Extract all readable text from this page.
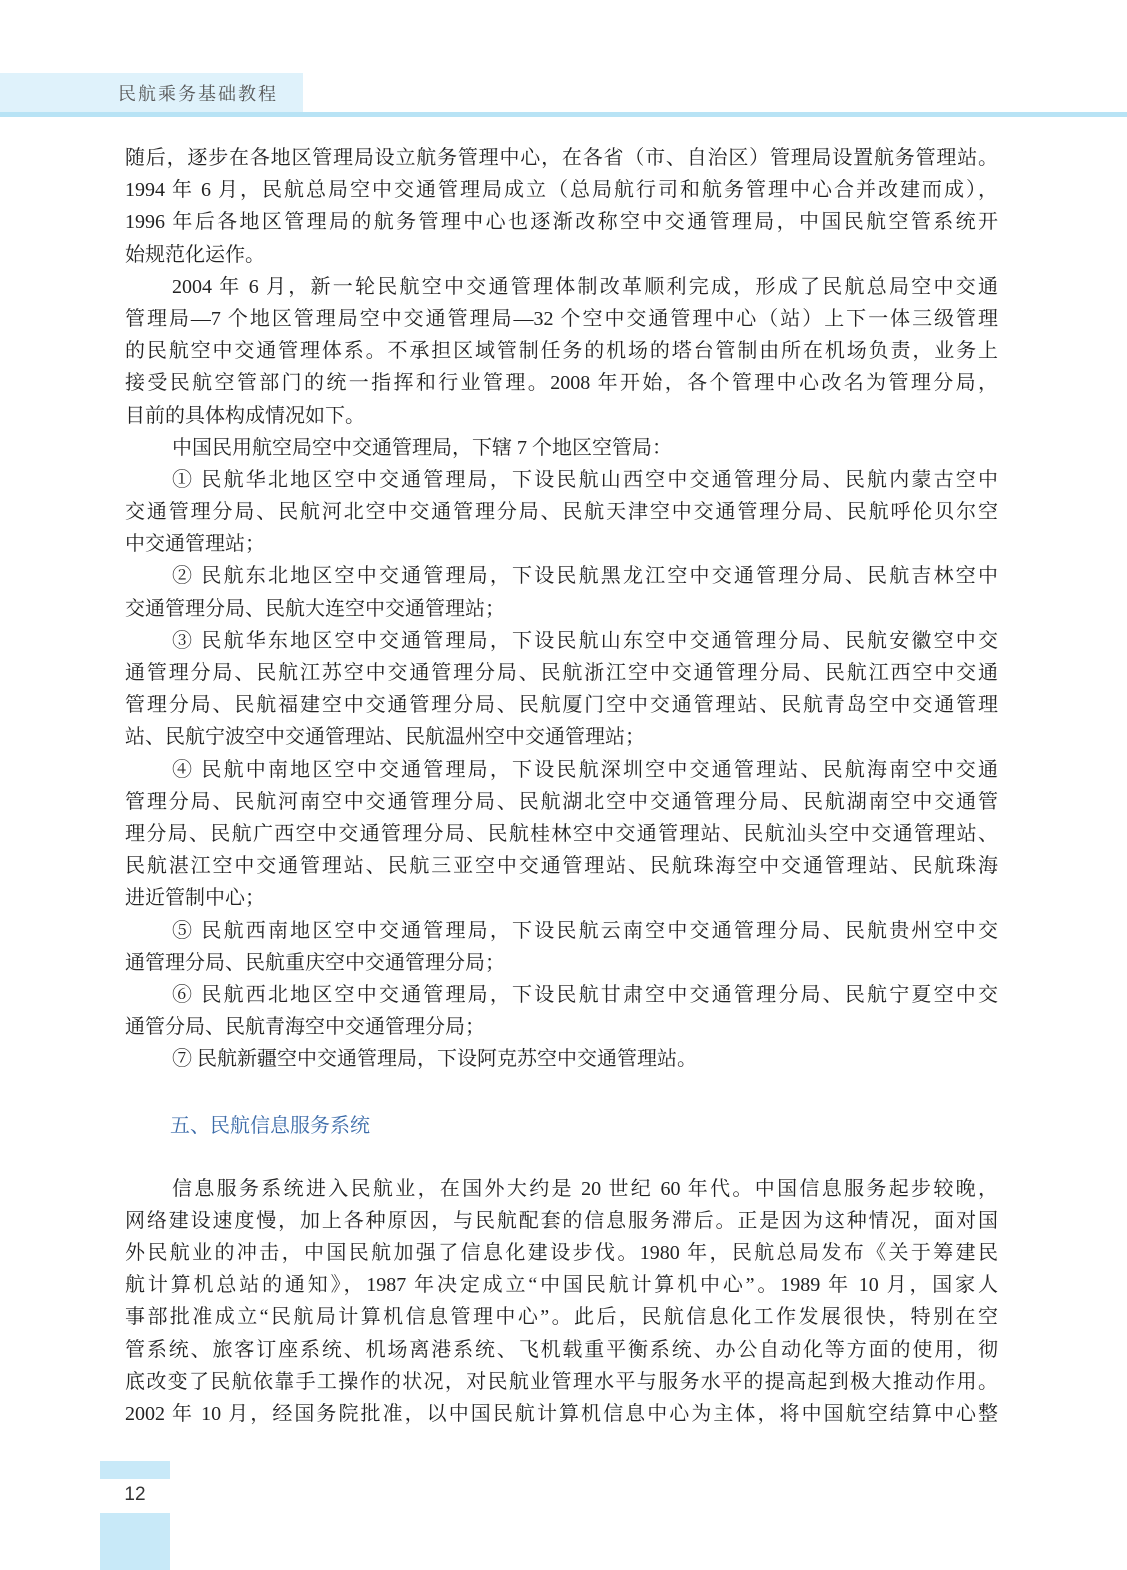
民航乘务基础教程
随后，逐步在各地区管理局设立航务管理中心，在各省（市、自治区）管理局设置航务管理站。
1994 年 6 月，民航总局空中交通管理局成立（总局航行司和航务管理中心合并改建而成），
1996 年后各地区管理局的航务管理中心也逐渐改称空中交通管理局，中国民航空管系统开
始规范化运作。
2004 年 6 月，新一轮民航空中交通管理体制改革顺利完成，形成了民航总局空中交通
管理局—7 个地区管理局空中交通管理局—32 个空中交通管理中心（站）上下一体三级管理
的民航空中交通管理体系。不承担区域管制任务的机场的塔台管制由所在机场负责，业务上
接受民航空管部门的统一指挥和行业管理。2008 年开始，各个管理中心改名为管理分局，
目前的具体构成情况如下。
中国民用航空局空中交通管理局，下辖 7 个地区空管局：
① 民航华北地区空中交通管理局，下设民航山西空中交通管理分局、民航内蒙古空中
交通管理分局、民航河北空中交通管理分局、民航天津空中交通管理分局、民航呼伦贝尔空
中交通管理站；
② 民航东北地区空中交通管理局，下设民航黑龙江空中交通管理分局、民航吉林空中
交通管理分局、民航大连空中交通管理站；
③ 民航华东地区空中交通管理局，下设民航山东空中交通管理分局、民航安徽空中交
通管理分局、民航江苏空中交通管理分局、民航浙江空中交通管理分局、民航江西空中交通
管理分局、民航福建空中交通管理分局、民航厦门空中交通管理站、民航青岛空中交通管理
站、民航宁波空中交通管理站、民航温州空中交通管理站；
④ 民航中南地区空中交通管理局，下设民航深圳空中交通管理站、民航海南空中交通
管理分局、民航河南空中交通管理分局、民航湖北空中交通管理分局、民航湖南空中交通管
理分局、民航广西空中交通管理分局、民航桂林空中交通管理站、民航汕头空中交通管理站、
民航湛江空中交通管理站、民航三亚空中交通管理站、民航珠海空中交通管理站、民航珠海
进近管制中心；
⑤ 民航西南地区空中交通管理局，下设民航云南空中交通管理分局、民航贵州空中交
通管理分局、民航重庆空中交通管理分局；
⑥ 民航西北地区空中交通管理局，下设民航甘肃空中交通管理分局、民航宁夏空中交
通管分局、民航青海空中交通管理分局；
⑦ 民航新疆空中交通管理局，下设阿克苏空中交通管理站。
五、民航信息服务系统
信息服务系统进入民航业，在国外大约是 20 世纪 60 年代。中国信息服务起步较晚，
网络建设速度慢，加上各种原因，与民航配套的信息服务滞后。正是因为这种情况，面对国
外民航业的冲击，中国民航加强了信息化建设步伐。1980 年，民航总局发布《关于筹建民
航计算机总站的通知》，1987 年决定成立“中国民航计算机中心”。1989 年 10 月，国家人
事部批准成立“民航局计算机信息管理中心”。此后，民航信息化工作发展很快，特别在空
管系统、旅客订座系统、机场离港系统、飞机载重平衡系统、办公自动化等方面的使用，彻
底改变了民航依靠手工操作的状况，对民航业管理水平与服务水平的提高起到极大推动作用。
2002 年 10 月，经国务院批准，以中国民航计算机信息中心为主体，将中国航空结算中心整
12
